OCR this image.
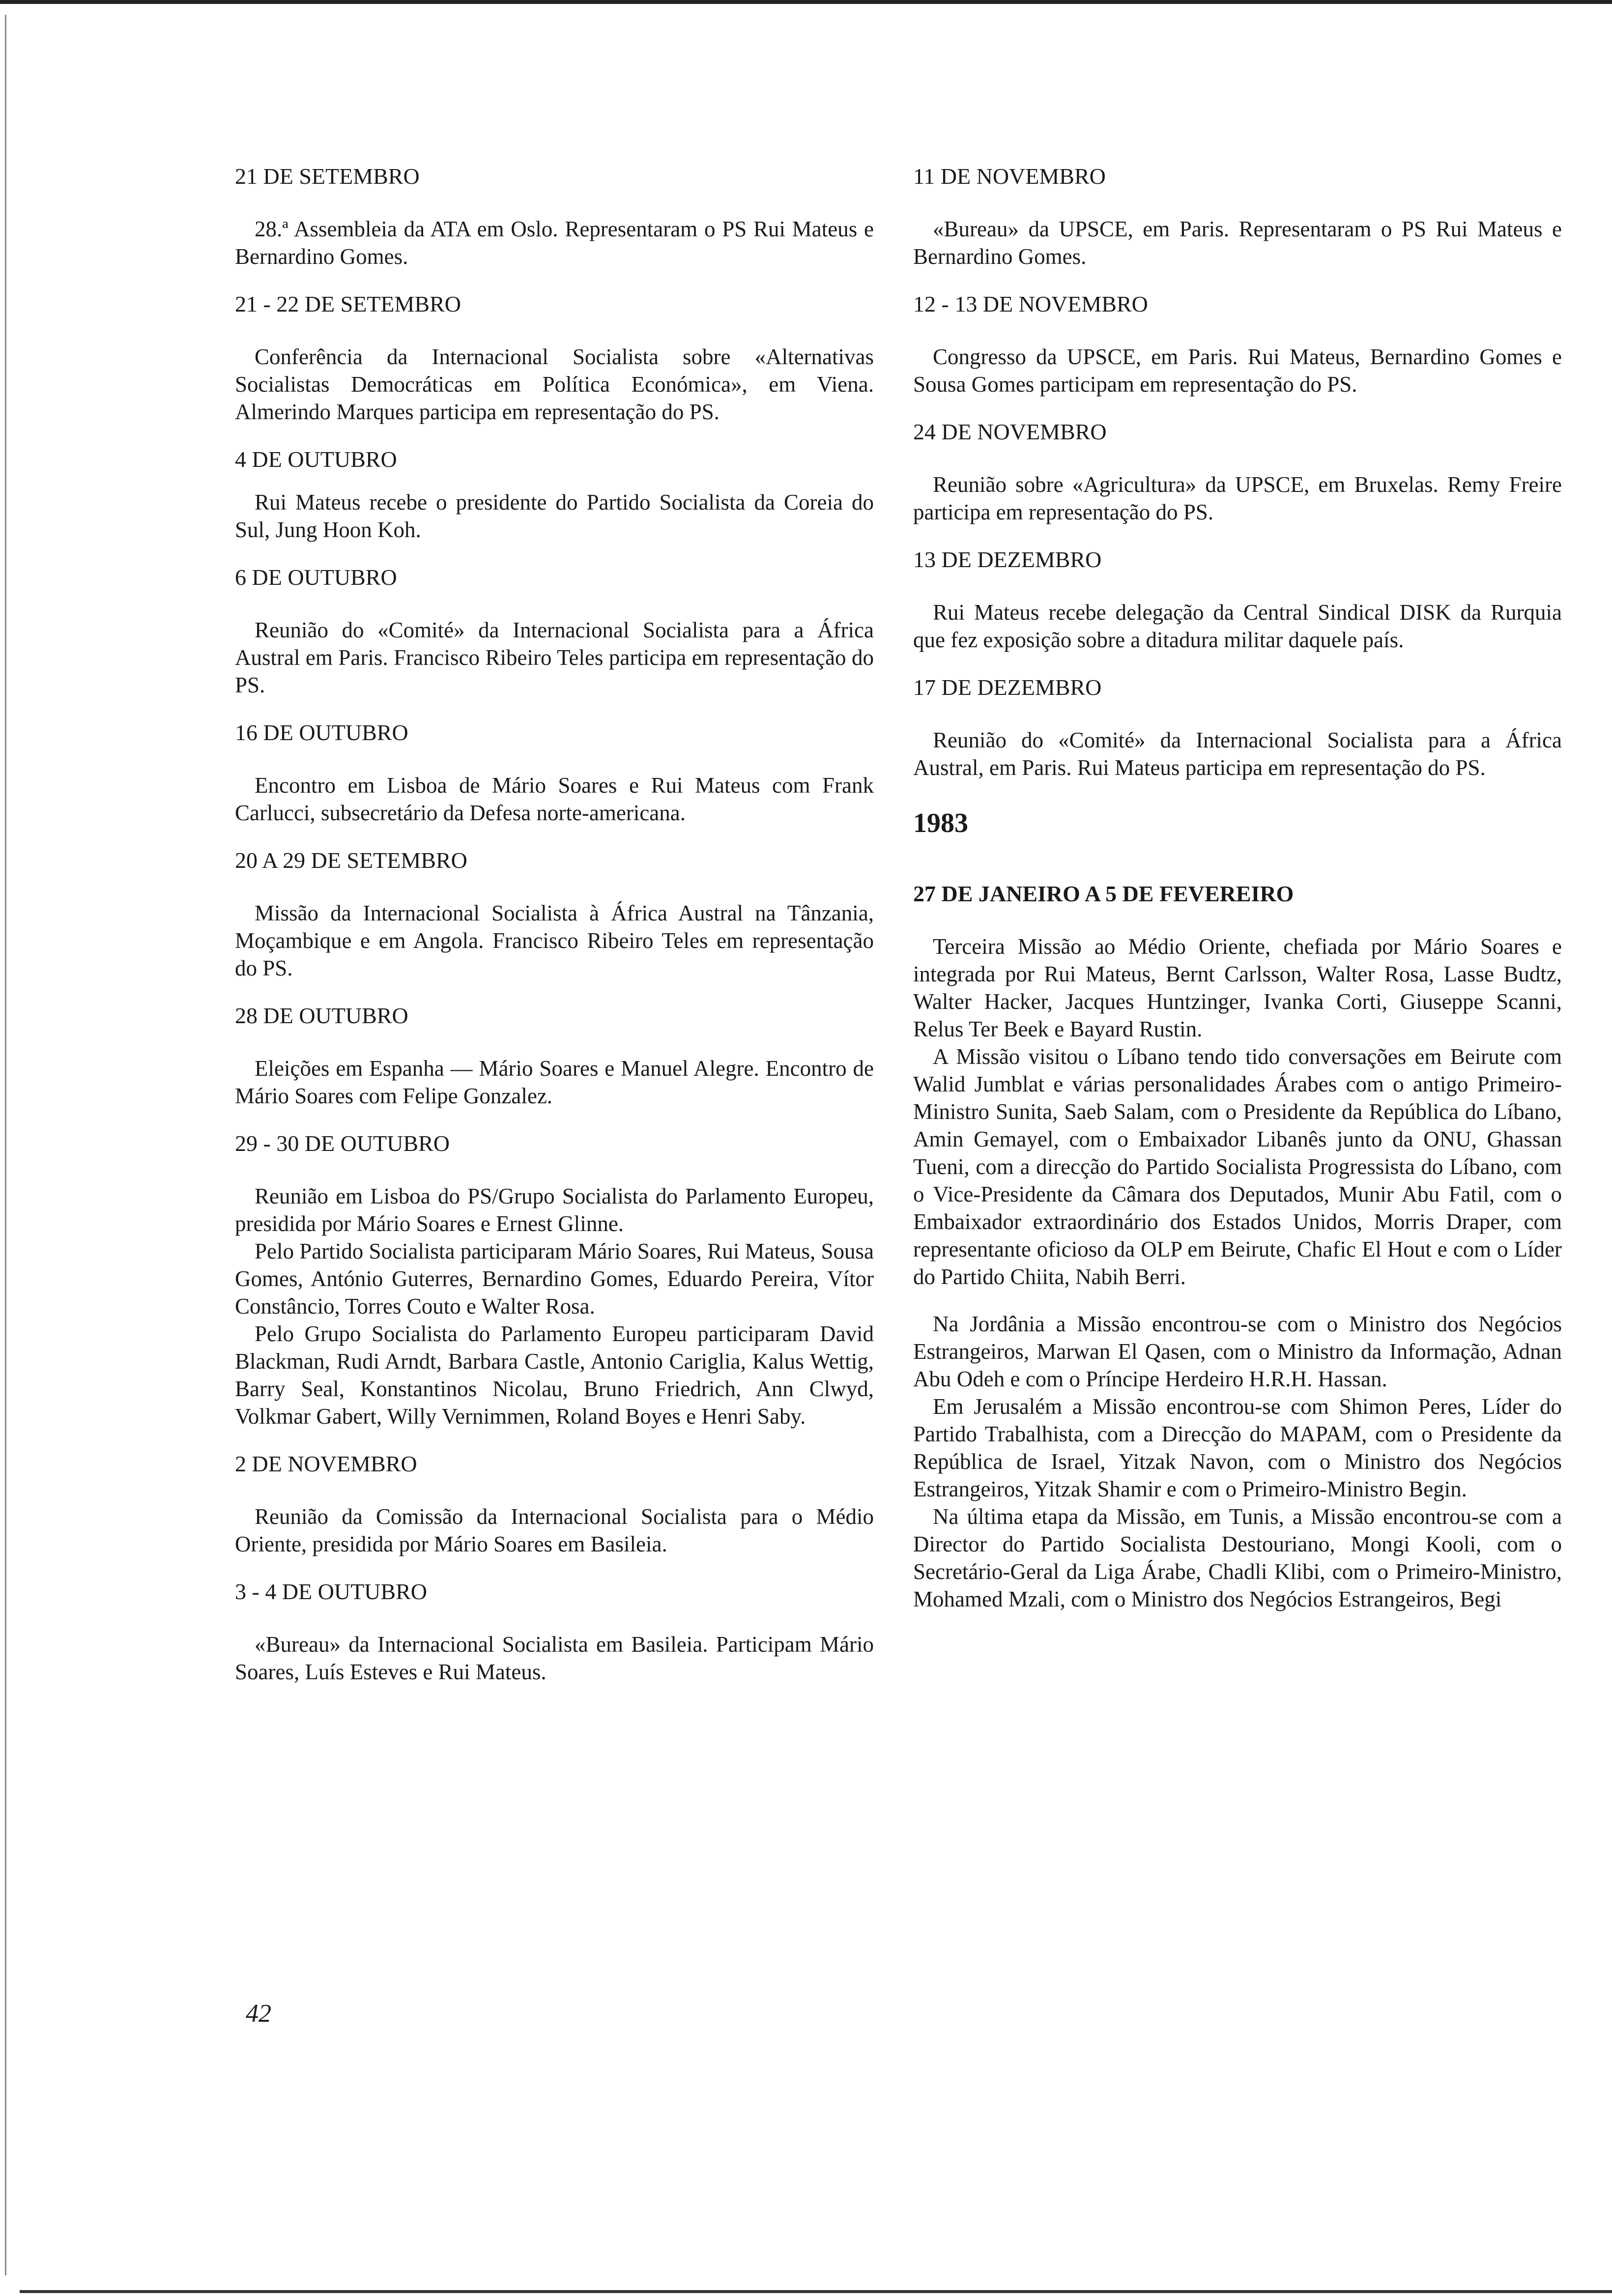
21 DE SETEMBRO

28.ª Assembleia da ATA em Oslo. Representaram o PS Rui Mateus e Bernardino Gomes.

21 - 22 DE SETEMBRO

Conferência da Internacional Socialista sobre «Alternativas Socialistas Democráticas em Política Económica», em Viena. Almerindo Marques participa em representação do PS.

4 DE OUTUBRO

Rui Mateus recebe o presidente do Partido Socialista da Coreia do Sul, Jung Hoon Koh.

6 DE OUTUBRO

Reunião do «Comité» da Internacional Socialista para a África Austral em Paris. Francisco Ribeiro Teles participa em representação do PS.

16 DE OUTUBRO

Encontro em Lisboa de Mário Soares e Rui Mateus com Frank Carlucci, subsecretário da Defesa norte-americana.

20 A 29 DE SETEMBRO

Missão da Internacional Socialista à África Austral na Tânzania, Moçambique e em Angola. Francisco Ribeiro Teles em representação do PS.

28 DE OUTUBRO

Eleições em Espanha — Mário Soares e Manuel Alegre. Encontro de Mário Soares com Felipe Gonzalez.

29 - 30 DE OUTUBRO

Reunião em Lisboa do PS/Grupo Socialista do Parlamento Europeu, presidida por Mário Soares e Ernest Glinne.

Pelo Partido Socialista participaram Mário Soares, Rui Mateus, Sousa Gomes, António Guterres, Bernardino Gomes, Eduardo Pereira, Vítor Constâncio, Torres Couto e Walter Rosa.

Pelo Grupo Socialista do Parlamento Europeu participaram David Blackman, Rudi Arndt, Barbara Castle, Antonio Cariglia, Kalus Wettig, Barry Seal, Konstantinos Nicolau, Bruno Friedrich, Ann Clwyd, Volkmar Gabert, Willy Vernimmen, Roland Boyes e Henri Saby.

2 DE NOVEMBRO

Reunião da Comissão da Internacional Socialista para o Médio Oriente, presidida por Mário Soares em Basileia.

3 - 4 DE OUTUBRO

«Bureau» da Internacional Socialista em Basileia. Participam Mário Soares, Luís Esteves e Rui Mateus.

11 DE NOVEMBRO

«Bureau» da UPSCE, em Paris. Representaram o PS Rui Mateus e Bernardino Gomes.

12 - 13 DE NOVEMBRO

Congresso da UPSCE, em Paris. Rui Mateus, Bernardino Gomes e Sousa Gomes participam em representação do PS.

24 DE NOVEMBRO

Reunião sobre «Agricultura» da UPSCE, em Bruxelas. Remy Freire participa em representação do PS.

13 DE DEZEMBRO

Rui Mateus recebe delegação da Central Sindical DISK da Rurquia que fez exposição sobre a ditadura militar daquele país.

17 DE DEZEMBRO

Reunião do «Comité» da Internacional Socialista para a África Austral, em Paris. Rui Mateus participa em representação do PS.

1983
27 DE JANEIRO A 5 DE FEVEREIRO

Terceira Missão ao Médio Oriente, chefiada por Mário Soares e integrada por Rui Mateus, Bernt Carlsson, Walter Rosa, Lasse Budtz, Walter Hacker, Jacques Huntzinger, Ivanka Corti, Giuseppe Scanni, Relus Ter Beek e Bayard Rustin.

A Missão visitou o Líbano tendo tido conversações em Beirute com Walid Jumblat e várias personalidades Árabes com o antigo Primeiro-Ministro Sunita, Saeb Salam, com o Presidente da República do Líbano, Amin Gemayel, com o Embaixador Libanês junto da ONU, Ghassan Tueni, com a direcção do Partido Socialista Progressista do Líbano, com o Vice-Presidente da Câmara dos Deputados, Munir Abu Fatil, com o Embaixador extraordinário dos Estados Unidos, Morris Draper, com representante oficioso da OLP em Beirute, Chafic El Hout e com o Líder do Partido Chiita, Nabih Berri.

Na Jordânia a Missão encontrou-se com o Ministro dos Negócios Estrangeiros, Marwan El Qasen, com o Ministro da Informação, Adnan Abu Odeh e com o Príncipe Herdeiro H.R.H. Hassan.

Em Jerusalém a Missão encontrou-se com Shimon Peres, Líder do Partido Trabalhista, com a Direcção do MAPAM, com o Presidente da República de Israel, Yitzak Navon, com o Ministro dos Negócios Estrangeiros, Yitzak Shamir e com o Primeiro-Ministro Begin.

Na última etapa da Missão, em Tunis, a Missão encontrou-se com a Director do Partido Socialista Destouriano, Mongi Kooli, com o Secretário-Geral da Liga Árabe, Chadli Klibi, com o Primeiro-Ministro, Mohamed Mzali, com o Ministro dos Negócios Estrangeiros, Begi

42
